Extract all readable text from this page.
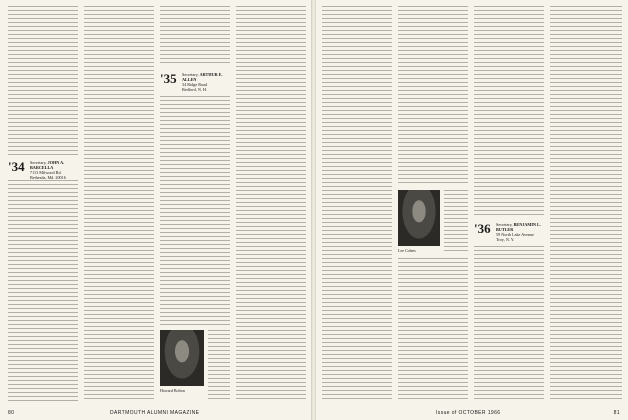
'34 Secretary, JOHN A. BARCELLA
7113 Milwood Rd.
Bethesda, Md. 20016
'35 Secretary, ARTHUR E. ALLEN
34 Ridge Road
Bedford, N. H.
Howard Bolton
80	DARTMOUTH ALUMNI MAGAZINE
Lee Cohen
'36 Secretary, BENJAMIN L. BUTLER
59 North Lake Avenue
Troy, N. Y.
Issue of OCTOBER 1966	81
